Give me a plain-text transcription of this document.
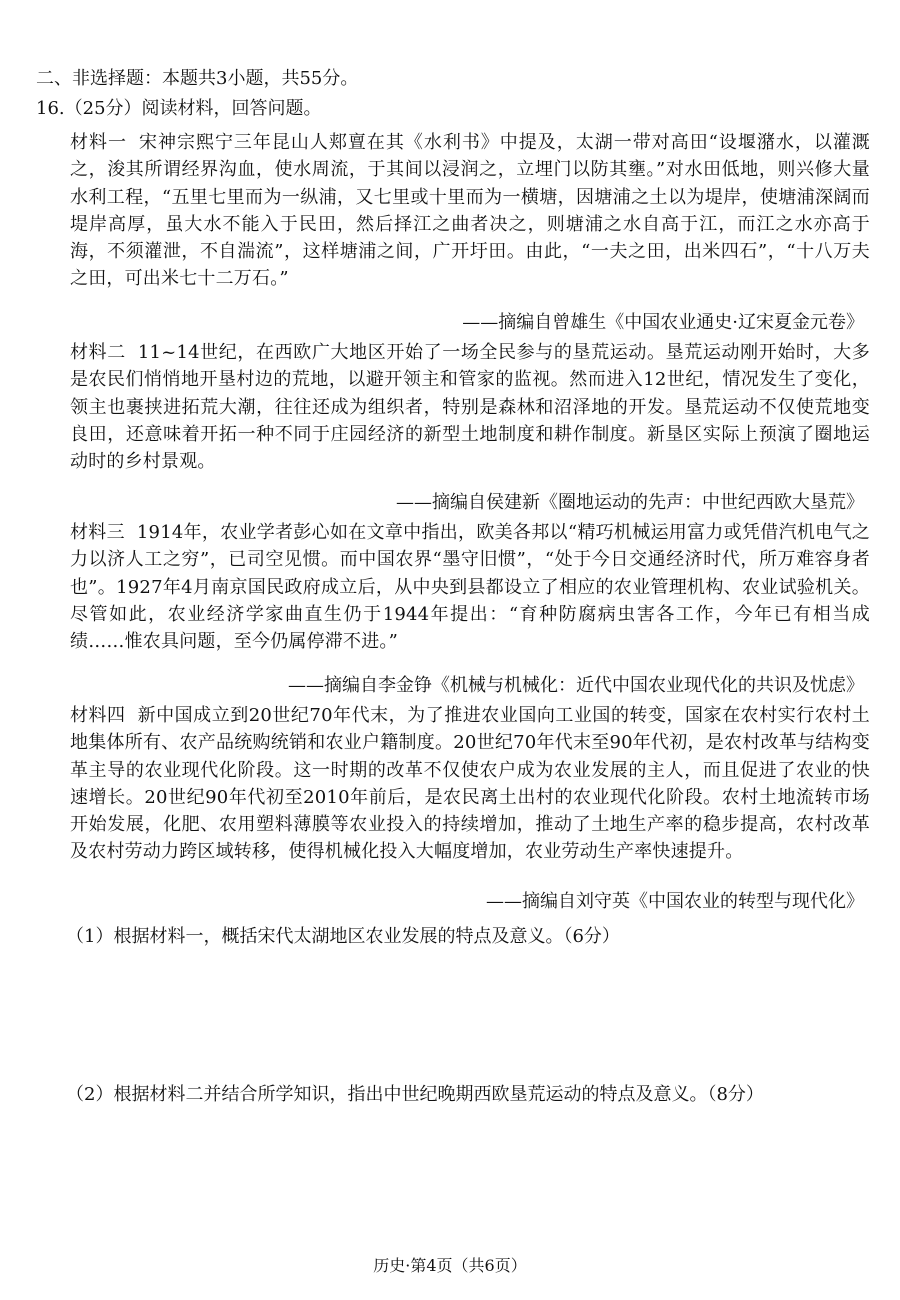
二、非选择题：本题共3小题，共55分。
16.（25分）阅读材料，回答问题。
材料一 宋神宗熙宁三年昆山人郏亶在其《水利书》中提及，太湖一带对高田“设堰潴水，以灌溉之，浚其所谓经界沟血，使水周流，于其间以浸润之，立埋门以防其壅。”对水田低地，则兴修大量水利工程，“五里七里而为一纵浦，又七里或十里而为一横塘，因塘浦之土以为堤岸，使塘浦深阔而堤岸高厚，虽大水不能入于民田，然后择江之曲者决之，则塘浦之水自高于江，而江之水亦高于海，不须灌泄，不自湍流”，这样塘浦之间，广开圩田。由此，“一夫之田，出米四石”，“十八万夫之田，可出米七十二万石。”
——摘编自曾雄生《中国农业通史·辽宋夏金元卷》
材料二 11~14世纪，在西欧广大地区开始了一场全民参与的垦荒运动。垦荒运动刚开始时，大多是农民们悄悄地开垦村边的荒地，以避开领主和管家的监视。然而进入12世纪，情况发生了变化，领主也裹挟进拓荒大潮，往往还成为组织者，特别是森林和沼泽地的开发。垦荒运动不仅使荒地变良田，还意味着开拓一种不同于庄园经济的新型土地制度和耕作制度。新垦区实际上预演了圈地运动时的乡村景观。
——摘编自侯建新《圈地运动的先声：中世纪西欧大垦荒》
材料三 1914年，农业学者彭心如在文章中指出，欧美各邦以“精巧机械运用富力或凭借汽机电气之力以济人工之穷”，已司空见惯。而中国农界“墨守旧惯”，“处于今日交通经济时代，所万难容身者也”。1927年4月南京国民政府成立后，从中央到县都设立了相应的农业管理机构、农业试验机关。尽管如此，农业经济学家曲直生仍于1944年提出：“育种防腐病虫害各工作，今年已有相当成绩……惟农具问题，至今仍属停滞不进。”
——摘编自李金铮《机械与机械化：近代中国农业现代化的共识及忧虑》
材料四 新中国成立到20世纪70年代末，为了推进农业国向工业国的转变，国家在农村实行农村土地集体所有、农产品统购统销和农业户籍制度。20世纪70年代末至90年代初，是农村改革与结构变革主导的农业现代化阶段。这一时期的改革不仅使农户成为农业发展的主人，而且促进了农业的快速增长。20世纪90年代初至2010年前后，是农民离土出村的农业现代化阶段。农村土地流转市场开始发展，化肥、农用塑料薄膜等农业投入的持续增加，推动了土地生产率的稳步提高，农村改革及农村劳动力跨区域转移，使得机械化投入大幅度增加，农业劳动生产率快速提升。
——摘编自刘守英《中国农业的转型与现代化》
（1）根据材料一，概括宋代太湖地区农业发展的特点及意义。（6分）
（2）根据材料二并结合所学知识，指出中世纪晚期西欧垦荒运动的特点及意义。（8分）
历史·第4页（共6页）
